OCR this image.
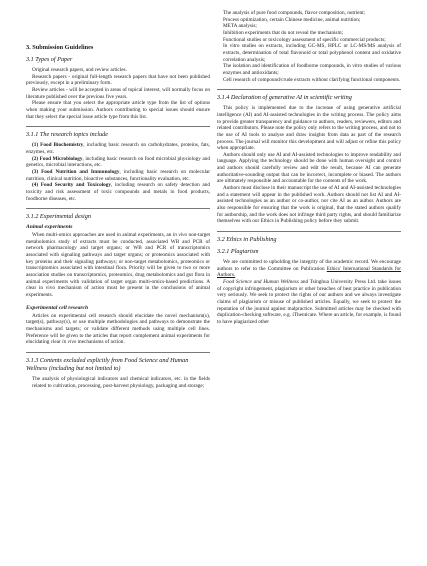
3. Submission Guidelines
3.1 Types of Paper

Original research papers, and review articles.

Research papers - original full-length research papers that have not been published previously, except in a preliminary form.

Review articles - will be accepted in areas of topical interest, will normally focus on literature published over the previous five years.

Please ensure that you select the appropriate article type from the list of options when making your submission. Authors contributing to special issues should ensure that they select the special issue article type from this list.

3.1.1 The research topics include

(1) Food Biochemistry, including basic research on carbohydrates, proteins, fats, enzymes, etc.

(2) Food Microbiology, including basic research on food microbial physiology and genetics, microbial interactions, etc.

(3) Food Nutrition and Immunology, including basic research on molecular nutrition, clinical nutrition, bioactive substances, functionality evaluation, etc.

(4) Food Security and Toxicology, including research on safety detection and toxicity and risk assessment of toxic compounds and metals in food products, foodborne diseases, etc.

3.1.2 Experimental design
Animal experiments

When multi-omics approaches are used in animal experiments, an in vivo non-target metabolomics study of extracts must be conducted, associated WB and PCR of network pharmacology and target organs; or WB and PCR of transcriptomics associated with signaling pathways and target organs; or proteomics associated with key proteins and their signaling pathways; or non-target metabolomics, proteomics or transcriptomics associated with intestinal flora. Priority will be given to two or more association studies on transcriptomics, proteomics, drug metabolomics and gut flora in animal experiments with validation of target organ multi-omics-based predictions. A clear in vivo mechanism of action must be present in the conclusions of animal experiments.

Experimental cell research

Articles on experimental cell research should elucidate the novel mechanism(s), target(s), pathway(s), or use multiple methodologies and pathways to demonstrate the mechanisms and targets; or validate different methods using multiple cell lines. Preference will be given to the articles that report complement animal experiments for elucidating clear in vivo mechanisms of action.

3.1.3 Contents excluded explicitly from Food Science and Human Wellness (including but not limited to)

The analysis of physiological indicators and chemical indicators, etc. in the fields related to cultivation, processing, post-harvest physiology, packaging and storage;

The analysis of pure food compounds, flavor composition, nutrient;

Process optimization, certain Chinese medicine, animal nutrition;

META analysis;

Inhibition experiments that do not reveal the mechanism;

Functional studies or toxicology assessment of specific commercial products;

In vitro studies on extracts, including GC-MS, HPLC or LC-MS/MS analysis of extracts, determination of total flavonoid or total polyphenol content and oxidative correlation analysis;

The isolation and identification of foodborne compounds, in vitro studies of various enzymes and antioxidants;

Cell research of compound/crude extracts without clarifying functional components.

3.1.4 Declaration of generative AI in scientific writing

This policy is implemented due to the increase of using generative artificial intelligence (AI) and AI-assisted technologies in the writing process. The policy aims to provide greater transparency and guidance to authors, readers, reviewers, editors and related contributors. Please note the policy only refers to the writing process, and not to the use of AI tools to analyse and draw insights from data as part of the research process. The journal will monitor this development and will adjust or refine this policy when appropriate.

Authors should only use AI and AI-assisted technologies to improve readability and language. Applying the technology should be done with human oversight and control and authors should carefully review and edit the result, because AI can generate authoritative-sounding output that can be incorrect, incomplete or biased. The authors are ultimately responsible and accountable for the contents of the work.

Authors must disclose in their manuscript the use of AI and AI-assisted technologies and a statement will appear in the published work. Authors should not list AI and AI-assisted technologies as an author or co-author, nor cite AI as an author. Authors are also responsible for ensuring that the work is original, that the stated authors qualify for authorship, and the work does not infringe third party rights, and should familiarize themselves with our Ethics in Publishing policy before they submit.

3.2 Ethics in Publishing
3.2.1 Plagiarism

We are committed to upholding the integrity of the academic record. We encourage authors to refer to the Committee on Publication Ethics' International Standards for Authors.

Food Science and Human Wellness and Tsinghua University Press Ltd. take issues of copyright infringement, plagiarism or other breaches of best practice in publication very seriously. We seek to protect the rights of our authors and we always investigate claims of plagiarism or misuse of published articles. Equally, we seek to protect the reputation of the journal against malpractice. Submitted articles may be checked with duplication-checking software, e.g. iThenticate. Where an article, for example, is found to have plagiarized other
